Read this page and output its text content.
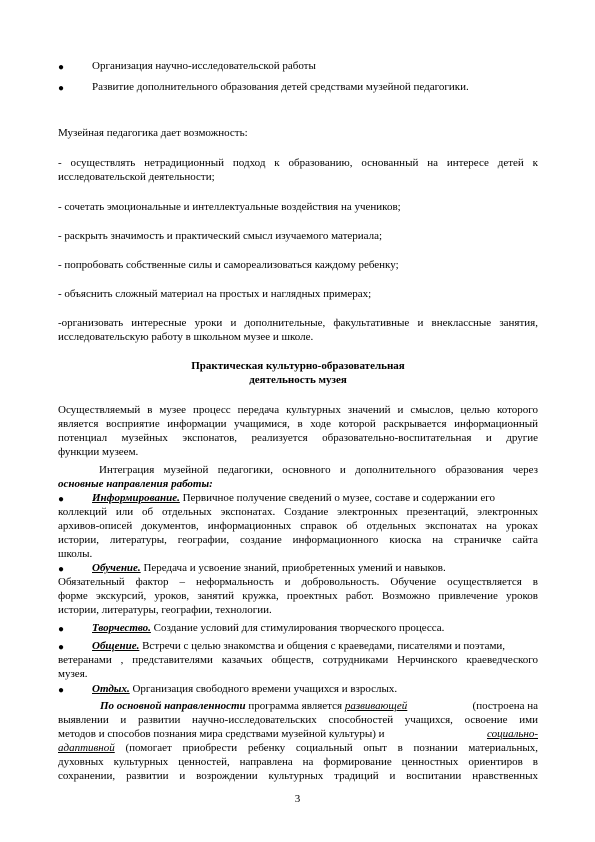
●	Организация научно-исследовательской работы
●	Развитие дополнительного образования детей средствами музейной педагогики.
Музейная педагогика дает возможность:
- осуществлять нетрадиционный подход к образованию, основанный на интересе детей к
исследовательской деятельности;
- сочетать эмоциональные и интеллектуальные воздействия на учеников;
- раскрыть значимость и практический смысл изучаемого материала;
- попробовать собственные силы и самореализоваться каждому ребенку;
- объяснить сложный материал на простых и наглядных примерах;
-организовать интересные уроки и дополнительные, факультативные и внеклассные занятия,
исследовательскую работу в школьном музее и школе.
Практическая культурно-образовательная
деятельность музея
Осуществляемый в музее процесс передача культурных значений и смыслов, целью которого
является восприятие информации учащимися, в ходе которой раскрывается информационный
потенциал музейных экспонатов, реализуется образовательно-воспитательная и другие
функции музеем.
Интеграция музейной педагогики, основного и дополнительного образования через
основные направления работы:
●	Информирование. Первичное получение сведений о музее, составе и содержании его
коллекций или об отдельных экспонатах. Создание электронных презентаций, электронных
архивов-описей документов, информационных справок об отдельных экспонатах на уроках
истории, литературы, географии, создание информационного киоска на страничке сайта
школы.
●	Обучение. Передача и усвоение знаний, приобретенных умений и навыков.
Обязательный фактор – неформальность и добровольность. Обучение осуществляется в
форме экскурсий, уроков, занятий кружка, проектных работ. Возможно привлечение уроков
истории, литературы, географии, технологии.
●	Творчество. Создание условий для стимулирования творческого процесса.
●	Общение. Встречи с целью знакомства и общения с краеведами, писателями и поэтами,
ветеранами , представителями казачьих обществ, сотрудниками Нерчинского краеведческого
музея.
●	Отдых. Организация свободного времени учащихся и взрослых.
По основной направленности программа является развивающей	(построена на
выявлении и развитии научно-исследовательских способностей учащихся, освоение ими
методов и способов познания мира средствами музейной культуры) и	социально-
адаптивной (помогает приобрести ребенку социальный опыт в познании материальных,
духовных культурных ценностей, направлена на формирование ценностных ориентиров в
сохранении, развитии и возрождении культурных традиций и воспитании нравственных
3
